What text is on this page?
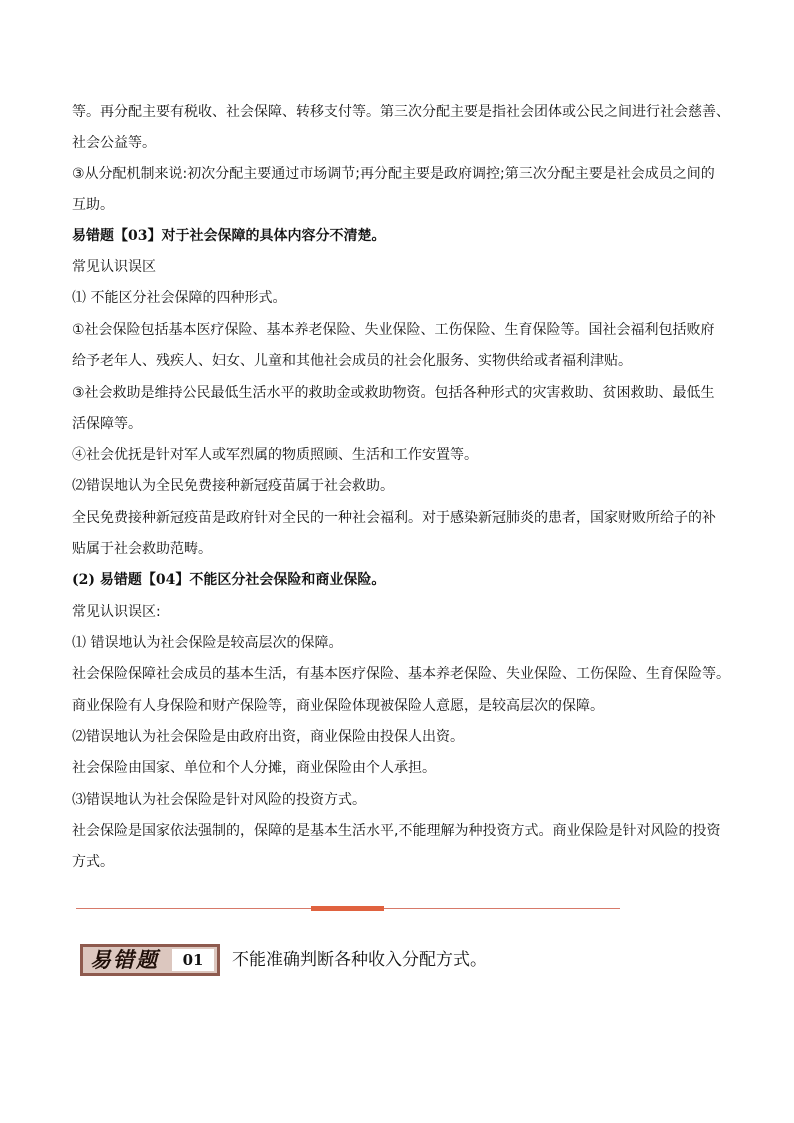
等。再分配主要有税收、社会保障、转移支付等。第三次分配主要是指社会团体或公民之间进行社会慈善、
社会公益等。
③从分配机制来说:初次分配主要通过市场调节;再分配主要是政府调控;第三次分配主要是社会成员之间的
互助。
易错题【03】对于社会保障的具体内容分不清楚。
常见认识误区
⑴ 不能区分社会保障的四种形式。
①社会保险包括基本医疗保险、基本养老保险、失业保险、工伤保险、生育保险等。国社会福利包括败府
给予老年人、残疾人、妇女、儿童和其他社会成员的社会化服务、实物供给或者福利津贴。
③社会救助是维持公民最低生活水平的救助金或救助物资。包括各种形式的灾害救助、贫困救助、最低生
活保障等。
④社会优抚是针对军人或军烈属的物质照顾、生活和工作安置等。
⑵错误地认为全民免费接种新冠疫苗属于社会救助。
全民免费接种新冠疫苗是政府针对全民的一种社会福利。对于感染新冠肺炎的患者，国家财败所给子的补
贴属于社会救助范畴。
(2) 易错题【04】不能区分社会保险和商业保险。
常见认识误区:
⑴ 错误地认为社会保险是较高层次的保障。
社会保险保障社会成员的基本生活，有基本医疗保险、基本养老保险、失业保险、工伤保险、生育保险等。
商业保险有人身保险和财产保险等，商业保险体现被保险人意愿，是较高层次的保障。
⑵错误地认为社会保险是由政府出资，商业保险由投保人出资。
社会保险由国家、单位和个人分摊，商业保险由个人承担。
⑶错误地认为社会保险是针对风险的投资方式。
社会保险是国家依法强制的，保障的是基本生活水平,不能理解为种投资方式。商业保险是针对风险的投资
方式。
易错题	01	不能准确判断各种收入分配方式。
